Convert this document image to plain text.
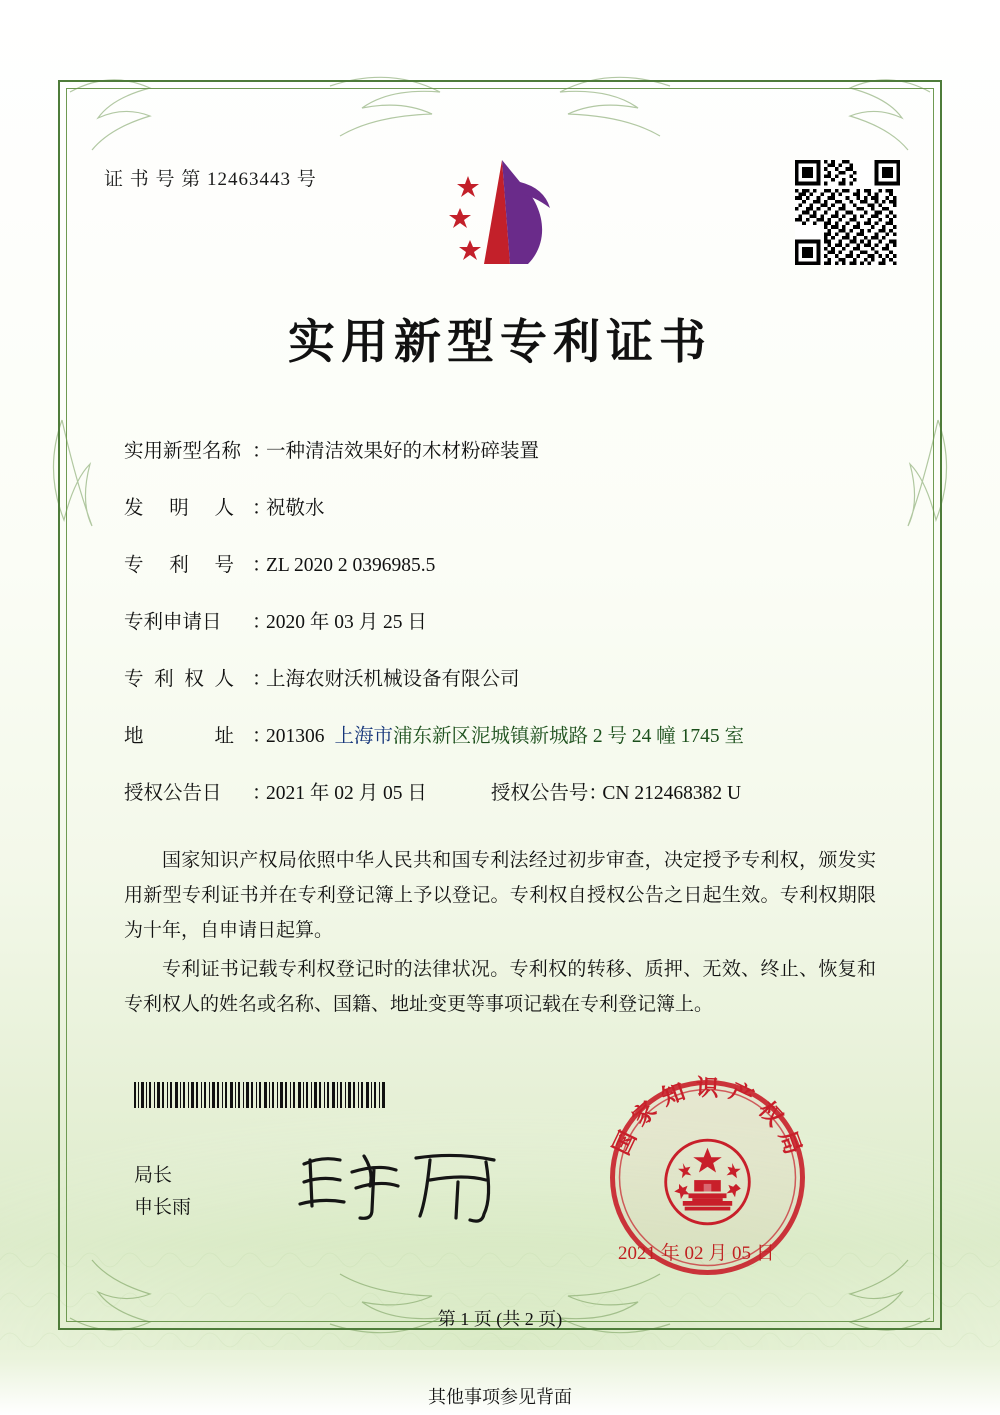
证 书 号 第 12463443 号
实用新型专利证书
实用新型名称 ：一种清洁效果好的木材粉碎装置
发明人 ：祝敬水
专利号 ：ZL 2020 2 0396985.5
专利申请日 ：2020 年 03 月 25 日
专利权人 ：上海农财沃机械设备有限公司
地址 ：201306 上海市浦东新区泥城镇新城路 2 号 24 幢 1745 室
授权公告日 ：2021 年 02 月 05 日	授权公告号：CN 212468382 U

国家知识产权局依照中华人民共和国专利法经过初步审查，决定授予专利权，颁发实用新型专利证书并在专利登记簿上予以登记。专利权自授权公告之日起生效。专利权期限为十年，自申请日起算。

专利证书记载专利权登记时的法律状况。专利权的转移、质押、无效、终止、恢复和专利权人的姓名或名称、国籍、地址变更等事项记载在专利登记簿上。

局长
申长雨
国家知识产权局
2021 年 02 月 05 日
第 1 页 (共 2 页)
其他事项参见背面
